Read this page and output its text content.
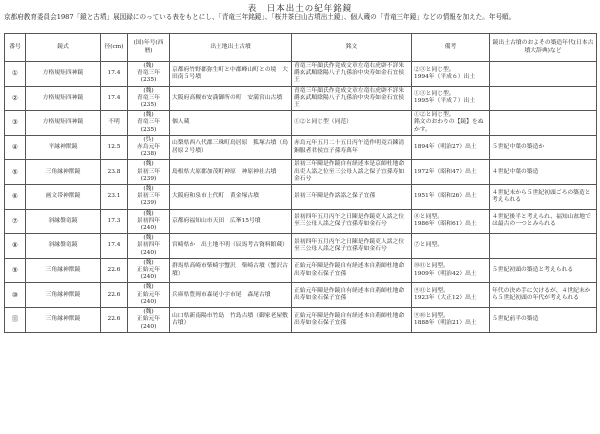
表　日本出土の紀年銘鏡
京都府教育委員会1987「鏡と古墳」展図録にのっている表をもとにし、「青竜三年銘鏡」、「桜井茶臼山古墳出土鏡」、個人蔵の「青竜三年鏡」などの情報を加えた。年号順。
番号	鏡式	径(cm)	(国)年号(西暦)	出土地出土古墳	銘文	備考	鏡出土古墳のおよその築造年代(日本古墳大辞典)など
①	方格規矩四神鏡	17.4	(魏)
青竜三年
(235)	京都府竹野郡弥生町と中郡峰山町との境　大田南５号墳	青竜三年顔氏作竟成文章左竜右虎辟不詳朱爵玄武順陰陽八子九孫治中央寿如金石宜侯王	②③と同じ型。
1994年（平成６）出土	
②	方格規矩四神鏡	17.4	(魏)
青竜三年
(235)	大阪府高槻市安満御所の町　安満宮山古墳	青竜三年顔氏作竟成文章左竜右虎辟不詳朱爵玄武順陰陽八子九孫治中央寿如金石宜侯王	①③と同じ型。
1995年（平成７）出土	
③	方格規矩四神鏡	不明	(魏)
青竜三年
(235)	個人蔵	①②と同じ型（同范）	①②と同じ型。
銘文のおわりの【鏡】をぬかす。	
④	平縁神獣鏡	12.5	(呉)
赤烏元年
(238)	山梨県西八代郡三珠町鳥居原　狐塚古墳（鳥居原２号墳）	赤烏元年五月二十五日丙午造作明竟百錬清銅服者君侯宜子孫寿萬年	1894年（明治27）出土	５世紀中葉の築造か
⑤	三角縁神獣鏡	23.8	(魏)
景初三年
(239)	島根県大原郡加茂町神原　神原神社古墳	景初三年陳是作鏡自有経述本是京師杜地命出吏人詺之位至三公母人詺之保子宜孫寿如金石兮	1972年（昭和47）出土	４世紀中葉の築造
⑥	画文帯神獣鏡	23.1	(魏)
景初三年
(239)	大阪府和泉市上代町　黄金塚古墳	景初三年陳是作詺詺之保子宜孫	1951年（昭和26）出土	４世紀末から５世紀初頭ごろの築造と考えられる
⑦	斜縁盤竜鏡	17.3	(魏)
景初四年
(240)	京都府福知山市天田　広峯15号墳	景初四年五月丙午之日陳是作鏡吏人詺之位至三公母人詺之保子宜孫寿如金石兮	⑧と同型。
1986年（昭和61）出土	４世紀後半と考えられ、福知山盆地では最古の一つとみられる
⑧	斜縁盤竜鏡	17.4	(魏)
景初四年
(240)	宮崎県か　出土地不明（辰馬考古資料館蔵）	景初四年五月丙午之日陳是作鏡吏人詺之位至三公母人詺之保子宜孫寿如金石兮	⑦と同型。	
⑨	三角縁神獣鏡	22.6	(魏)
正始元年
(240)	群馬県高崎市柴崎字蟹沢　柴崎古墳（蟹沢古墳）	正始元年陳是作鏡自有経述本自荊師杜地命出寿如金石保子宜孫	⑩⑪と同型。
1909年（明治42）出土	５世紀初頭の築造と考えられる
⑩	三角縁神獣鏡	22.6	(魏)
正始元年
(240)	兵庫県豊岡市森尾小字市尾　森尾古墳	正始元年陳是作鏡自有経述本自荊師杜地命出寿如金石保子宜孫	⑨⑪と同型。
1923年（大正12）出土	年代の決め手に欠けるが、４世紀末から５世紀初頭の年代が考えられる
⑪	三角縁神獣鏡	22.6	(魏)
正始元年
(240)	山口県新南陽市竹島　竹島古墳（御家老屋敷古墳）	正始元年陳是作鏡自有経述本自荊師杜地命出寿如金石保子宜孫	⑨⑩と同型。
1888年（明治21）出土	５世紀前半の築造
